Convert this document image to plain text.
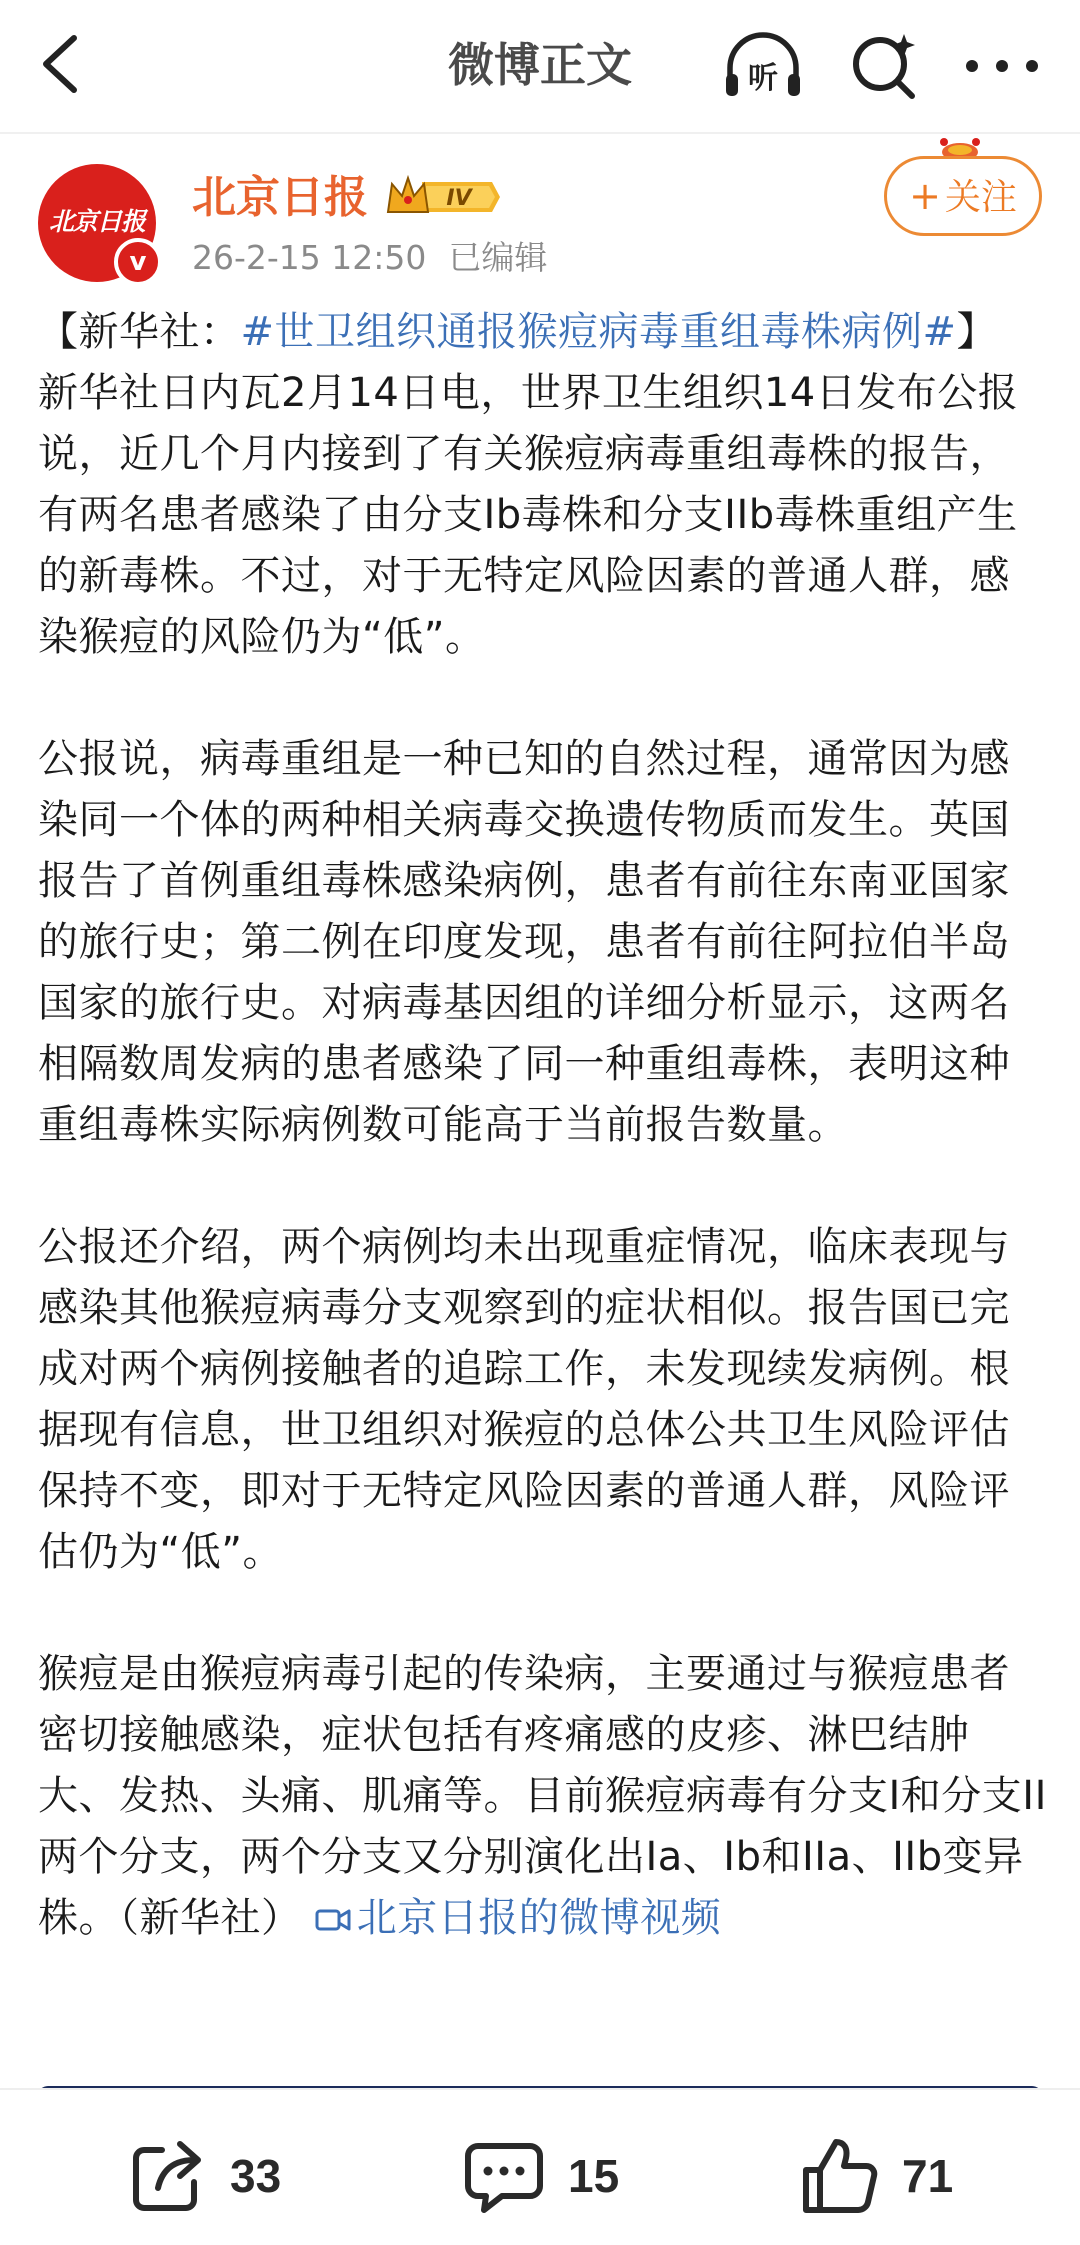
微博正文	听
北京日报
v
北京日报	IV
26-2-15 12:50 已编辑
+ 关注

【新华社：#世卫组织通报猴痘病毒重组毒株病例#】 新华社日内瓦2月14日电，世界卫生组织14日发布公报说，近几个月内接到了有关猴痘病毒重组毒株的报告，有两名患者感染了由分支Ib毒株和分支IIb毒株重组产生的新毒株。不过，对于无特定风险因素的普通人群，感染猴痘的风险仍为“低”。

公报说，病毒重组是一种已知的自然过程，通常因为感染同一个体的两种相关病毒交换遗传物质而发生。英国报告了首例重组毒株感染病例，患者有前往东南亚国家的旅行史；第二例在印度发现，患者有前往阿拉伯半岛国家的旅行史。对病毒基因组的详细分析显示，这两名相隔数周发病的患者感染了同一种重组毒株，表明这种重组毒株实际病例数可能高于当前报告数量。

公报还介绍，两个病例均未出现重症情况，临床表现与感染其他猴痘病毒分支观察到的症状相似。报告国已完成对两个病例接触者的追踪工作，未发现续发病例。根据现有信息，世卫组织对猴痘的总体公共卫生风险评估保持不变，即对于无特定风险因素的普通人群，风险评估仍为“低”。

猴痘是由猴痘病毒引起的传染病，主要通过与猴痘患者密切接触感染，症状包括有疼痛感的皮疹、淋巴结肿大、发热、头痛、肌痛等。目前猴痘病毒有分支I和分支II两个分支，两个分支又分别演化出Ia、Ib和IIa、IIb变异株。（新华社） 北京日报的微博视频

33	15	71
